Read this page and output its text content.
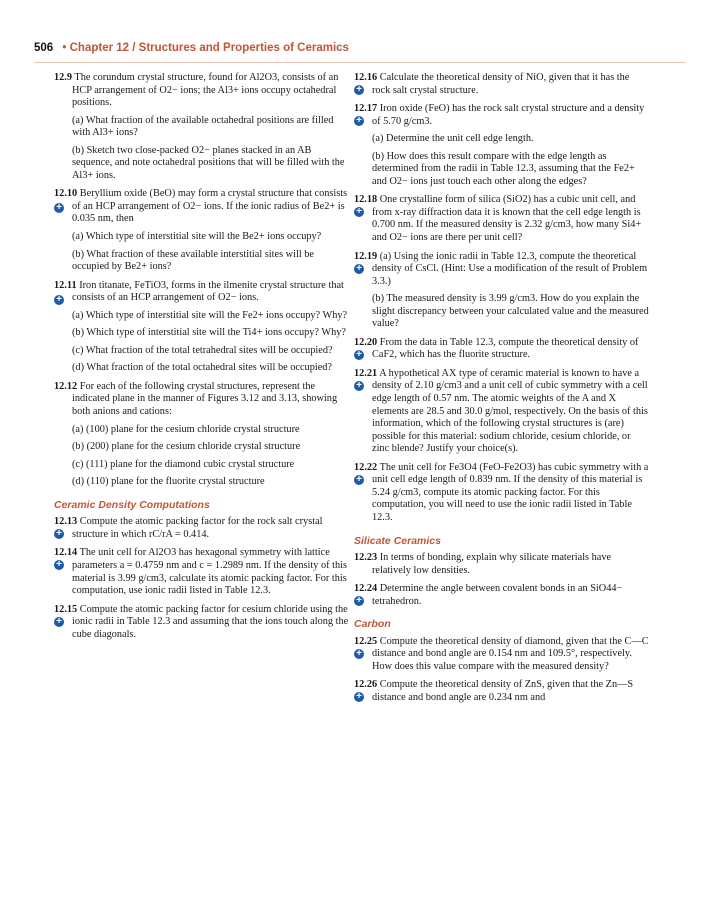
506 • Chapter 12 / Structures and Properties of Ceramics
12.9 The corundum crystal structure, found for Al2O3, consists of an HCP arrangement of O2− ions; the Al3+ ions occupy octahedral positions.
(a) What fraction of the available octahedral positions are filled with Al3+ ions?
(b) Sketch two close-packed O2− planes stacked in an AB sequence, and note octahedral positions that will be filled with the Al3+ ions.
+
12.10 Beryllium oxide (BeO) may form a crystal structure that consists of an HCP arrangement of O2− ions. If the ionic radius of Be2+ is 0.035 nm, then
(a) Which type of interstitial site will the Be2+ ions occupy?
(b) What fraction of these available interstitial sites will be occupied by Be2+ ions?
+
12.11 Iron titanate, FeTiO3, forms in the ilmenite crystal structure that consists of an HCP arrangement of O2− ions.
(a) Which type of interstitial site will the Fe2+ ions occupy? Why?
(b) Which type of interstitial site will the Ti4+ ions occupy? Why?
(c) What fraction of the total tetrahedral sites will be occupied?
(d) What fraction of the total octahedral sites will be occupied?
12.12 For each of the following crystal structures, represent the indicated plane in the manner of Figures 3.12 and 3.13, showing both anions and cations:
(a) (100) plane for the cesium chloride crystal structure
(b) (200) plane for the cesium chloride crystal structure
(c) (111) plane for the diamond cubic crystal structure
(d) (110) plane for the fluorite crystal structure
Ceramic Density Computations
+
12.13 Compute the atomic packing factor for the rock salt crystal structure in which rC/rA = 0.414.
+
12.14 The unit cell for Al2O3 has hexagonal symmetry with lattice parameters a = 0.4759 nm and c = 1.2989 nm. If the density of this material is 3.99 g/cm3, calculate its atomic packing factor. For this computation, use ionic radii listed in Table 12.3.
+
12.15 Compute the atomic packing factor for cesium chloride using the ionic radii in Table 12.3 and assuming that the ions touch along the cube diagonals.
+
12.16 Calculate the theoretical density of NiO, given that it has the rock salt crystal structure.
+
12.17 Iron oxide (FeO) has the rock salt crystal structure and a density of 5.70 g/cm3.
(a) Determine the unit cell edge length.
(b) How does this result compare with the edge length as determined from the radii in Table 12.3, assuming that the Fe2+ and O2− ions just touch each other along the edges?
+
12.18 One crystalline form of silica (SiO2) has a cubic unit cell, and from x-ray diffraction data it is known that the cell edge length is 0.700 nm. If the measured density is 2.32 g/cm3, how many Si4+ and O2− ions are there per unit cell?
+
12.19 (a) Using the ionic radii in Table 12.3, compute the theoretical density of CsCl. (Hint: Use a modification of the result of Problem 3.3.)
(b) The measured density is 3.99 g/cm3. How do you explain the slight discrepancy between your calculated value and the measured value?
+
12.20 From the data in Table 12.3, compute the theoretical density of CaF2, which has the fluorite structure.
+
12.21 A hypothetical AX type of ceramic material is known to have a density of 2.10 g/cm3 and a unit cell of cubic symmetry with a cell edge length of 0.57 nm. The atomic weights of the A and X elements are 28.5 and 30.0 g/mol, respectively. On the basis of this information, which of the following crystal structures is (are) possible for this material: sodium chloride, cesium chloride, or zinc blende? Justify your choice(s).
+
12.22 The unit cell for Fe3O4 (FeO-Fe2O3) has cubic symmetry with a unit cell edge length of 0.839 nm. If the density of this material is 5.24 g/cm3, compute its atomic packing factor. For this computation, you will need to use the ionic radii listed in Table 12.3.
Silicate Ceramics
12.23 In terms of bonding, explain why silicate materials have relatively low densities.
+
12.24 Determine the angle between covalent bonds in an SiO44− tetrahedron.
Carbon
+
12.25 Compute the theoretical density of diamond, given that the C—C distance and bond angle are 0.154 nm and 109.5°, respectively. How does this value compare with the measured density?
+
12.26 Compute the theoretical density of ZnS, given that the Zn—S distance and bond angle are 0.234 nm and
